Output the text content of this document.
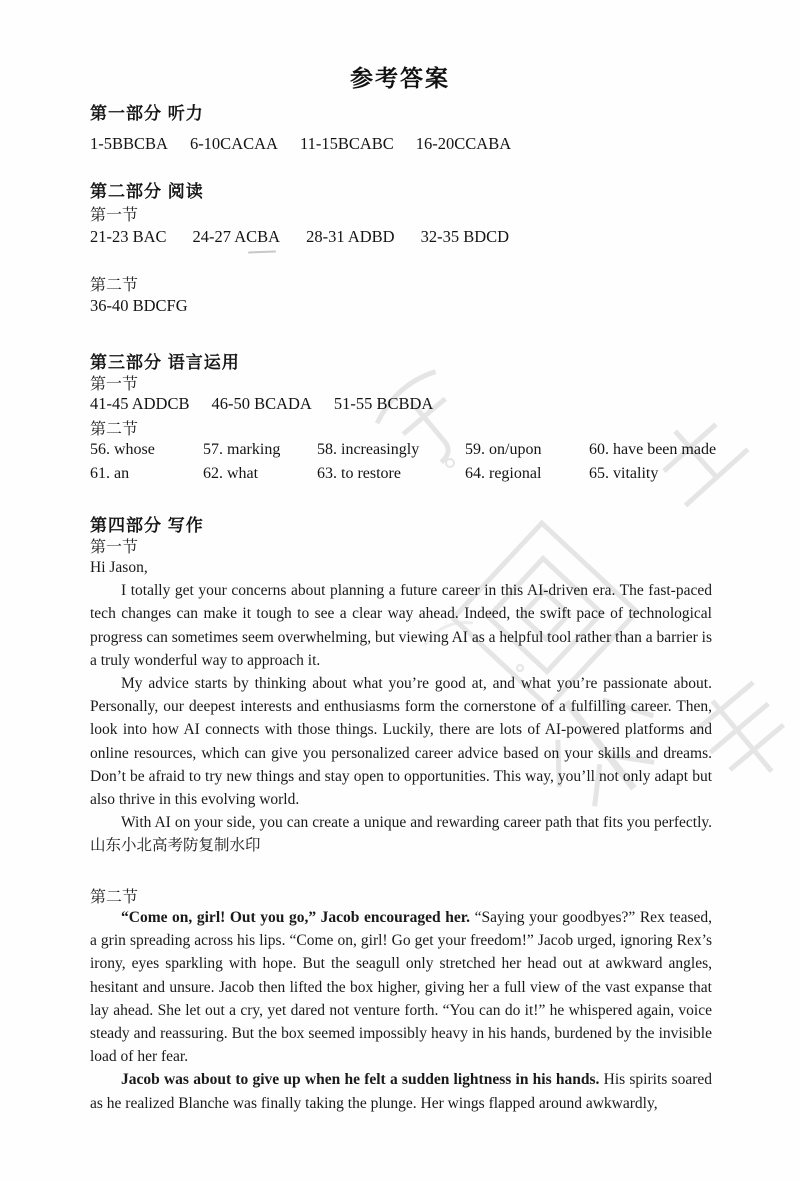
参考答案
第一部分 听力
1-5BBCBA 6-10CACAA 11-15BCABC 16-20CCABA
第二部分 阅读
第一节
21-23 BAC 24-27 ACBA 28-31 ADBD 32-35 BDCD
第二节
36-40 BDCFG
第三部分 语言运用
第一节
41-45 ADDCB 46-50 BCADA 51-55 BCBDA
第二节
56. whose	57. marking	58. increasingly	59. on/upon	60. have been made
61. an	62. what	63. to restore	64. regional	65. vitality
第四部分 写作
第一节

Hi Jason,

I totally get your concerns about planning a future career in this AI-driven era. The fast-paced tech changes can make it tough to see a clear way ahead. Indeed, the swift pace of technological progress can sometimes seem overwhelming, but viewing AI as a helpful tool rather than a barrier is a truly wonderful way to approach it.

My advice starts by thinking about what you’re good at, and what you’re passionate about. Personally, our deepest interests and enthusiasms form the cornerstone of a fulfilling career. Then, look into how AI connects with those things. Luckily, there are lots of AI-powered platforms and online resources, which can give you personalized career advice based on your skills and dreams. Don’t be afraid to try new things and stay open to opportunities. This way, you’ll not only adapt but also thrive in this evolving world.

With AI on your side, you can create a unique and rewarding career path that fits you perfectly. 山东小北高考防复制水印

第二节

“Come on, girl! Out you go,” Jacob encouraged her. “Saying your goodbyes?” Rex teased, a grin spreading across his lips. “Come on, girl! Go get your freedom!” Jacob urged, ignoring Rex’s irony, eyes sparkling with hope. But the seagull only stretched her head out at awkward angles, hesitant and unsure. Jacob then lifted the box higher, giving her a full view of the vast expanse that lay ahead. She let out a cry, yet dared not venture forth. “You can do it!” he whispered again, voice steady and reassuring. But the box seemed impossibly heavy in his hands, burdened by the invisible load of her fear.

Jacob was about to give up when he felt a sudden lightness in his hands. His spirits soared as he realized Blanche was finally taking the plunge. Her wings flapped around awkwardly,
